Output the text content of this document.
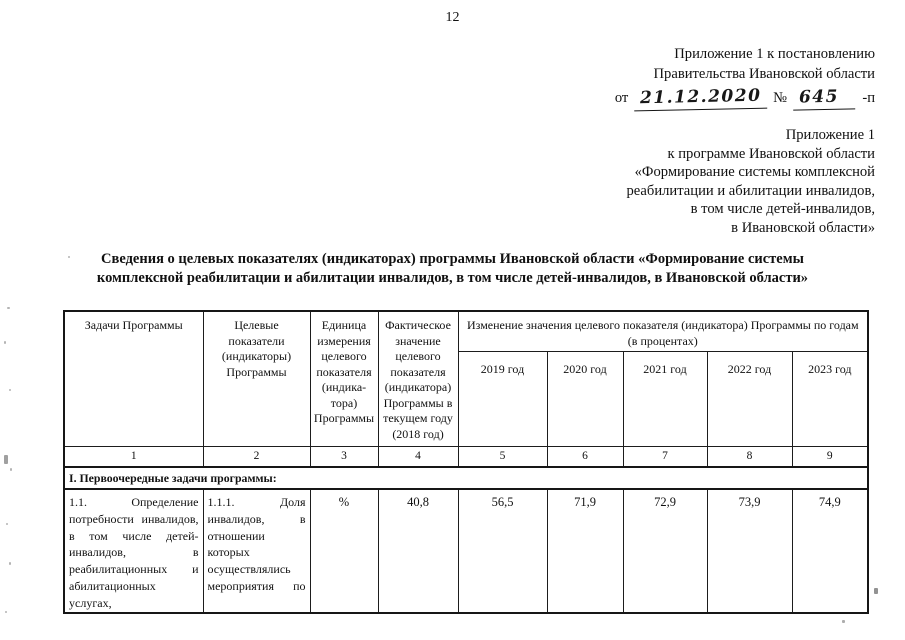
12
Приложение 1 к постановлению
Правительства Ивановской области
от 21.12.2020 № 645 -п
Приложение 1
к программе Ивановской области
«Формирование системы комплексной
реабилитации и абилитации инвалидов,
в том числе детей-инвалидов,
в Ивановской области»
Сведения о целевых показателях (индикаторах) программы Ивановской области «Формирование системы комплексной реабилитации и абилитации инвалидов, в том числе детей-инвалидов, в Ивановской области»
Задачи Программы	Целевые показатели (индикаторы) Программы	Единица измерения целевого показателя (индика-тора) Программы	Фактическое значение целевого показателя (индикатора) Программы в текущем году (2018 год)	Изменение значения целевого показателя (индикатора) Программы по годам (в процентах)				
				2019 год	2020 год	2021 год	2022 год	2023 год
1	2	3	4	5	6	7	8	9
I. Первоочередные задачи программы:								
1.1. Определение потребности инвалидов, в том числе детей-инвалидов, в реабилитационных и абилитационных услугах,	1.1.1. Доля инвалидов, в отношении которых осуществлялись мероприятия по	%	40,8	56,5	71,9	72,9	73,9	74,9
